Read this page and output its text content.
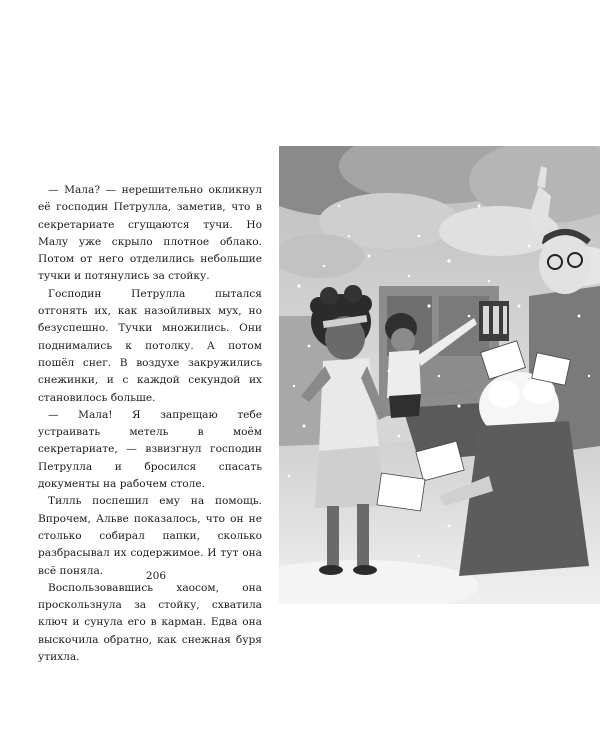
— Мала? — нерешительно окликнул её господин Петрулла, заметив, что в секретариате сгущаются тучи. Но Малу уже скрыло плотное облако. Потом от него отделились небольшие тучки и потянулись за стойку.

Господин Петрулла пытался отгонять их, как назойливых мух, но безуспешно. Тучки множились. Они поднимались к потолку. А потом пошёл снег. В воздухе закружились снежинки, и с каждой секундой их становилось больше.

— Мала! Я запрещаю тебе устраивать метель в моём секретариате, — взвизгнул господин Петрулла и бросился спасать документы на рабочем столе.

Тилль поспешил ему на помощь. Впрочем, Альве показалось, что он не столько собирал папки, сколько разбрасывал их содержимое. И тут она всё поняла.

Воспользовавшись хаосом, она проскользнула за стойку, схватила ключ и сунула его в карман. Едва она выскочила обратно, как снежная буря утихла.

206
